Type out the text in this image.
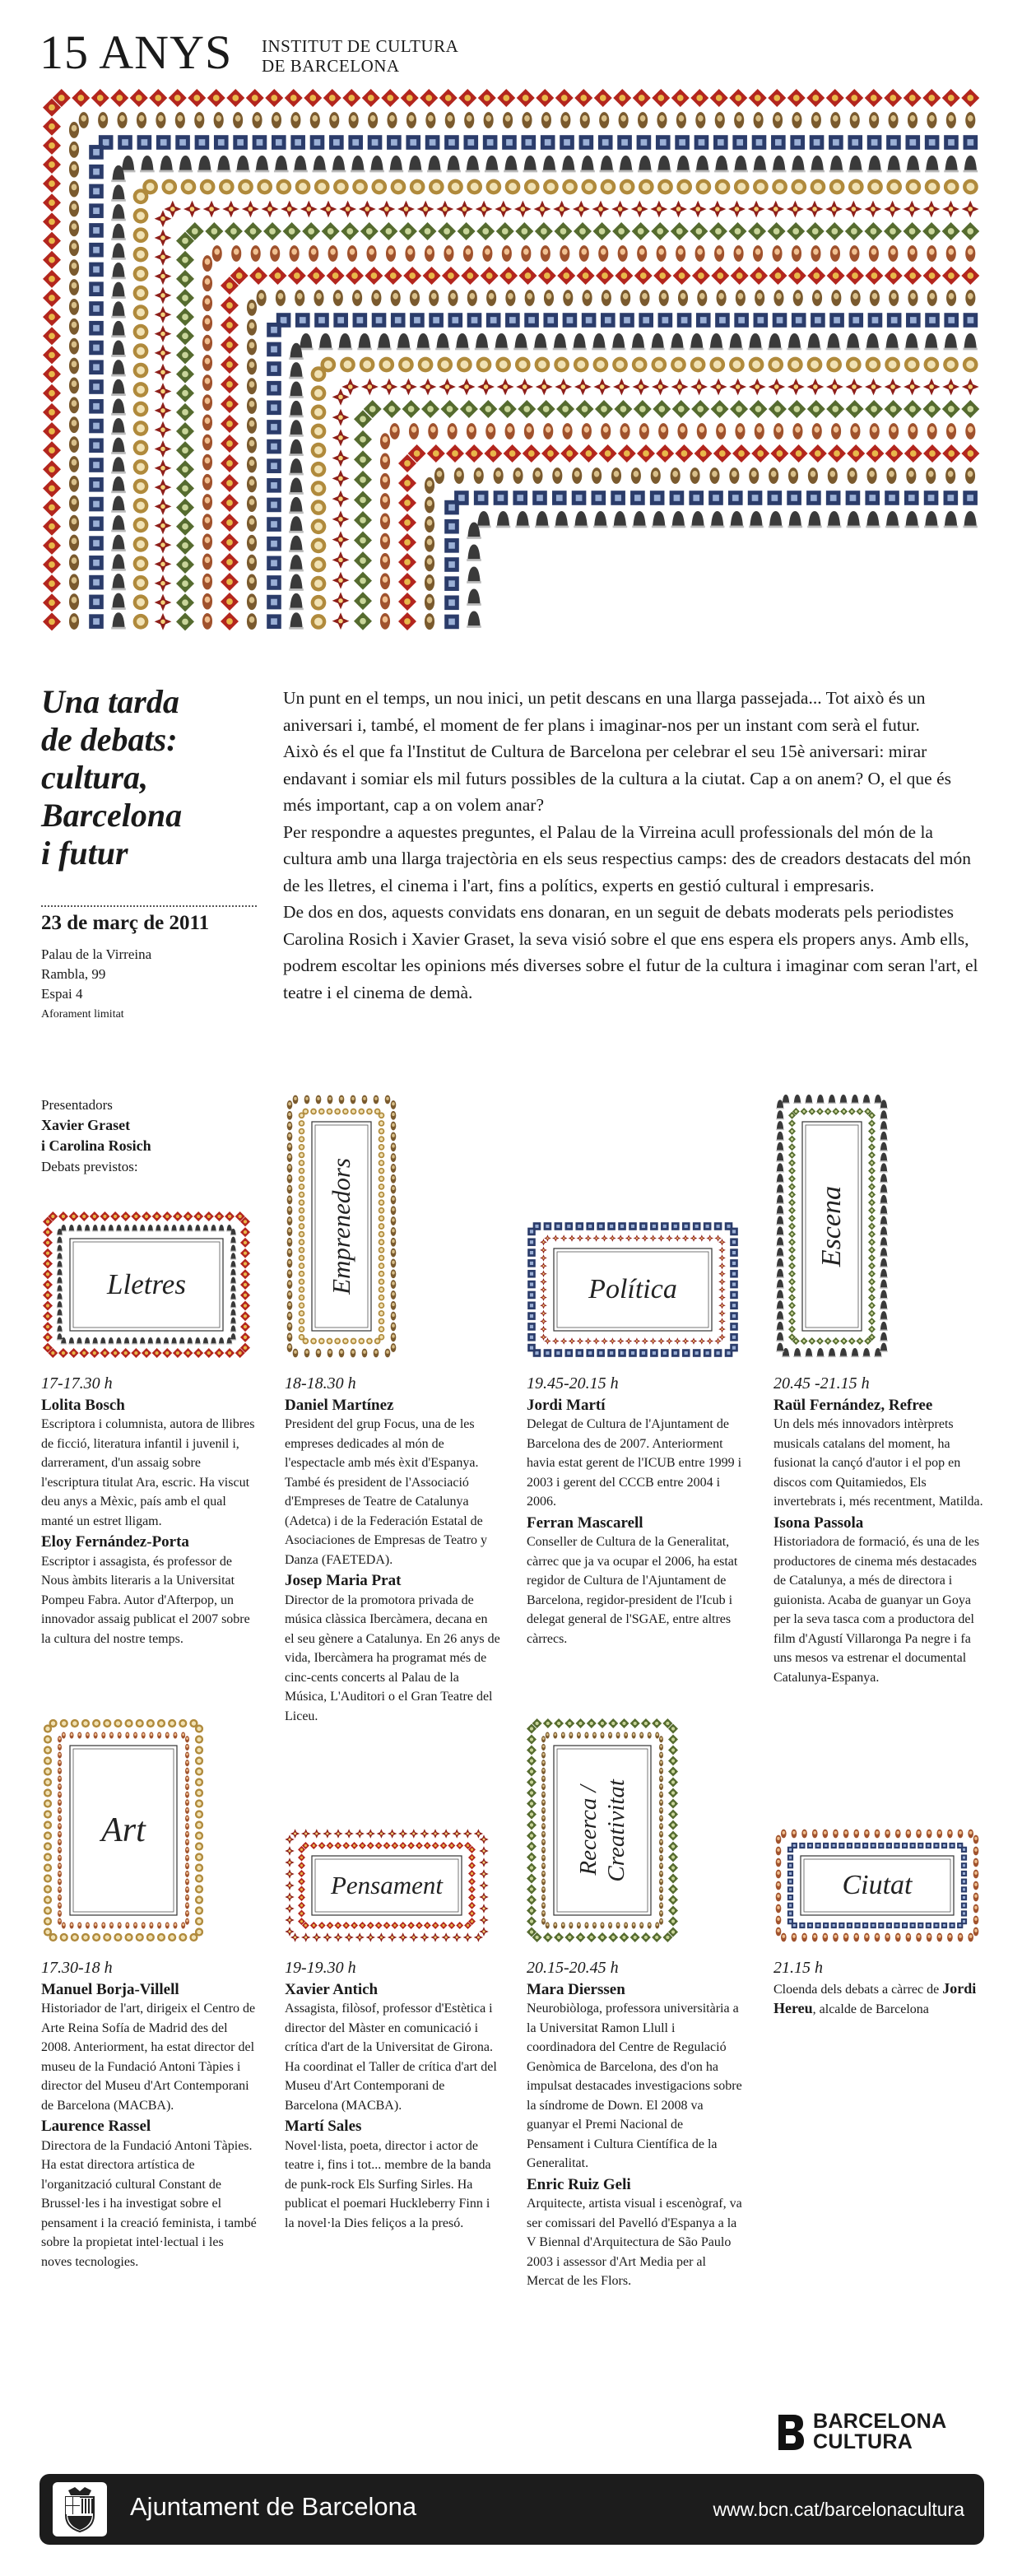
15 ANYS INSTITUT DE CULTURA
DE BARCELONA
Una tarda
de debats:
cultura,
Barcelona
i futur
23 de març de 2011
Palau de la Virreina
Rambla, 99
Espai 4
Aforament limitat

Un punt en el temps, un nou inici, un petit descans en una llarga passejada... Tot això és un aniversari i, també, el moment de fer plans i imaginar-nos per un instant com serà el futur.

Això és el que fa l'Institut de Cultura de Barcelona per celebrar el seu 15è aniversari: mirar endavant i somiar els mil futurs possibles de la cultura a la ciutat. Cap a on anem? O, el que és més important, cap a on volem anar?

Per respondre a aquestes preguntes, el Palau de la Virreina acull professionals del món de la cultura amb una llarga trajectòria en els seus respectius camps: des de creadors destacats del món de les lletres, el cinema i l'art, fins a polítics, experts en gestió cultural i empresaris.

De dos en dos, aquests convidats ens donaran, en un seguit de debats moderats pels periodistes Carolina Rosich i Xavier Graset, la seva visió sobre el que ens espera els propers anys. Amb ells, podrem escoltar les opinions més diverses sobre el futur de la cultura i imaginar com seran l'art, el teatre i el cinema de demà.

Presentadors
Xavier Graset
i Carolina Rosich
Debats previstos:
Lletres	Emprenedors	Política
Escena
17-17.30 h
Lolita Bosch

Escriptora i columnista, autora de llibres de ficció, literatura infantil i juvenil i, darrerament, d'un assaig sobre l'escriptura titulat Ara, escric. Ha viscut deu anys a Mèxic, país amb el qual manté un estret lligam.

Eloy Fernández-Porta

Escriptor i assagista, és professor de Nous àmbits literaris a la Universitat Pompeu Fabra. Autor d'Afterpop, un innovador assaig publicat el 2007 sobre la cultura del nostre temps.

18-18.30 h
Daniel Martínez

President del grup Focus, una de les empreses dedicades al món de l'espectacle amb més èxit d'Espanya. També és president de l'Associació d'Empreses de Teatre de Catalunya (Adetca) i de la Federación Estatal de Asociaciones de Empresas de Teatro y Danza (FAETEDA).

Josep Maria Prat

Director de la promotora privada de música clàssica Ibercàmera, decana en el seu gènere a Catalunya. En 26 anys de vida, Ibercàmera ha programat més de cinc-cents concerts al Palau de la Música, L'Auditori o el Gran Teatre del Liceu.

19.45-20.15 h
Jordi Martí

Delegat de Cultura de l'Ajuntament de Barcelona des de 2007. Anteriorment havia estat gerent de l'ICUB entre 1999 i 2003 i gerent del CCCB entre 2004 i 2006.

Ferran Mascarell

Conseller de Cultura de la Generalitat, càrrec que ja va ocupar el 2006, ha estat regidor de Cultura de l'Ajuntament de Barcelona, regidor-president de l'Icub i delegat general de l'SGAE, entre altres càrrecs.

20.45 -21.15 h
Raül Fernández, Refree

Un dels més innovadors intèrprets musicals catalans del moment, ha fusionat la cançó d'autor i el pop en discos com Quitamiedos, Els invertebrats i, més recentment, Matilda.

Isona Passola

Historiadora de formació, és una de les productores de cinema més destacades de Catalunya, a més de directora i guionista. Acaba de guanyar un Goya per la seva tasca com a productora del film d'Agustí Villaronga Pa negre i fa uns mesos va estrenar el documental Catalunya-Espanya.

Art
Pensament
Recerca /
Creativitat
Ciutat
17.30-18 h
Manuel Borja-Villell

Historiador de l'art, dirigeix el Centro de Arte Reina Sofía de Madrid des del 2008. Anteriorment, ha estat director del museu de la Fundació Antoni Tàpies i director del Museu d'Art Contemporani de Barcelona (MACBA).

Laurence Rassel

Directora de la Fundació Antoni Tàpies. Ha estat directora artística de l'organització cultural Constant de Brussel·les i ha investigat sobre el pensament i la creació feminista, i també sobre la propietat intel·lectual i les noves tecnologies.

19-19.30 h
Xavier Antich

Assagista, filòsof, professor d'Estètica i director del Màster en comunicació i crítica d'art de la Universitat de Girona. Ha coordinat el Taller de crítica d'art del Museu d'Art Contemporani de Barcelona (MACBA).

Martí Sales

Novel·lista, poeta, director i actor de teatre i, fins i tot... membre de la banda de punk-rock Els Surfing Sirles. Ha publicat el poemari Huckleberry Finn i la novel·la Dies feliços a la presó.

20.15-20.45 h
Mara Dierssen

Neurobiòloga, professora universitària a la Universitat Ramon Llull i coordinadora del Centre de Regulació Genòmica de Barcelona, des d'on ha impulsat destacades investigacions sobre la síndrome de Down. El 2008 va guanyar el Premi Nacional de Pensament i Cultura Científica de la Generalitat.

Enric Ruiz Geli

Arquitecte, artista visual i escenògraf, va ser comissari del Pavelló d'Espanya a la V Biennal d'Arquitectura de São Paulo 2003 i assessor d'Art Media per al Mercat de les Flors.

21.15 h

Cloenda dels debats a càrrec de Jordi Hereu, alcalde de Barcelona

BARCELONA
CULTURA
Ajuntament de Barcelona	www.bcn.cat/barcelonacultura
